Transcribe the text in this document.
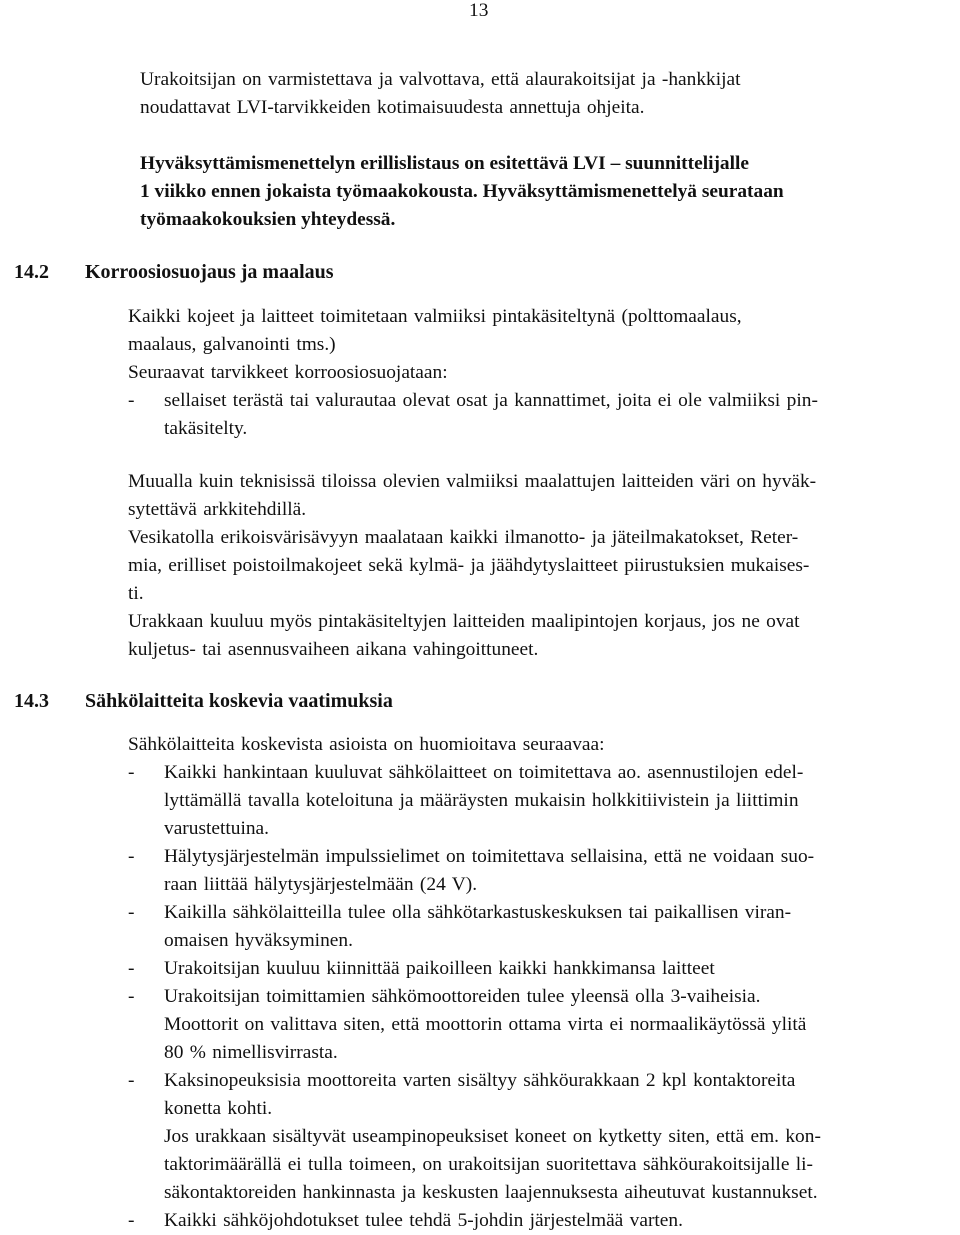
13
Urakoitsijan on varmistettava ja valvottava, että alaurakoitsijat ja -hankkijat
noudattavat LVI-tarvikkeiden kotimaisuudesta annettuja ohjeita.
Hyväksyttämismenettelyn erillislistaus on esitettävä LVI – suunnittelijalle
1 viikko ennen jokaista työmaakokousta. Hyväksyttämismenettelyä seurataan
työmaakokouksien yhteydessä.
14.2 Korroosiosuojaus ja maalaus
Kaikki kojeet ja laitteet toimitetaan valmiiksi pintakäsiteltynä (polttomaalaus,
maalaus, galvanointi tms.)
Seuraavat tarvikkeet korroosiosuojataan:
- sellaiset terästä tai valurautaa olevat osat ja kannattimet, joita ei ole valmiiksi pin-
takäsitelty.
Muualla kuin teknisissä tiloissa olevien valmiiksi maalattujen laitteiden väri on hyväk-
sytettävä arkkitehdillä.
Vesikatolla erikoisvärisävyyn maalataan kaikki ilmanotto- ja jäteilmakatokset, Reter-
mia, erilliset poistoilmakojeet sekä kylmä- ja jäähdytyslaitteet piirustuksien mukaises-
ti.
Urakkaan kuuluu myös pintakäsiteltyjen laitteiden maalipintojen korjaus, jos ne ovat
kuljetus- tai asennusvaiheen aikana vahingoittuneet.
14.3 Sähkölaitteita koskevia vaatimuksia
Sähkölaitteita koskevista asioista on huomioitava seuraavaa:
- Kaikki hankintaan kuuluvat sähkölaitteet on toimitettava ao. asennustilojen edel-
lyttämällä tavalla koteloituna ja määräysten mukaisin holkkitiivistein ja liittimin
varustettuina.
- Hälytysjärjestelmän impulssielimet on toimitettava sellaisina, että ne voidaan suo-
raan liittää hälytysjärjestelmään (24 V).
- Kaikilla sähkölaitteilla tulee olla sähkötarkastuskeskuksen tai paikallisen viran-
omaisen hyväksyminen.
- Urakoitsijan kuuluu kiinnittää paikoilleen kaikki hankkimansa laitteet
- Urakoitsijan toimittamien sähkömoottoreiden tulee yleensä olla 3-vaiheisia.
Moottorit on valittava siten, että moottorin ottama virta ei normaalikäytössä ylitä
80 % nimellisvirrasta.
- Kaksinopeuksisia moottoreita varten sisältyy sähköurakkaan 2 kpl kontaktoreita
konetta kohti.
Jos urakkaan sisältyvät useampinopeuksiset koneet on kytketty siten, että em. kon-
taktorimäärällä ei tulla toimeen, on urakoitsijan suoritettava sähköurakoitsijalle li-
säkontaktoreiden hankinnasta ja keskusten laajennuksesta aiheutuvat kustannukset.
- Kaikki sähköjohdotukset tulee tehdä 5-johdin järjestelmää varten.
